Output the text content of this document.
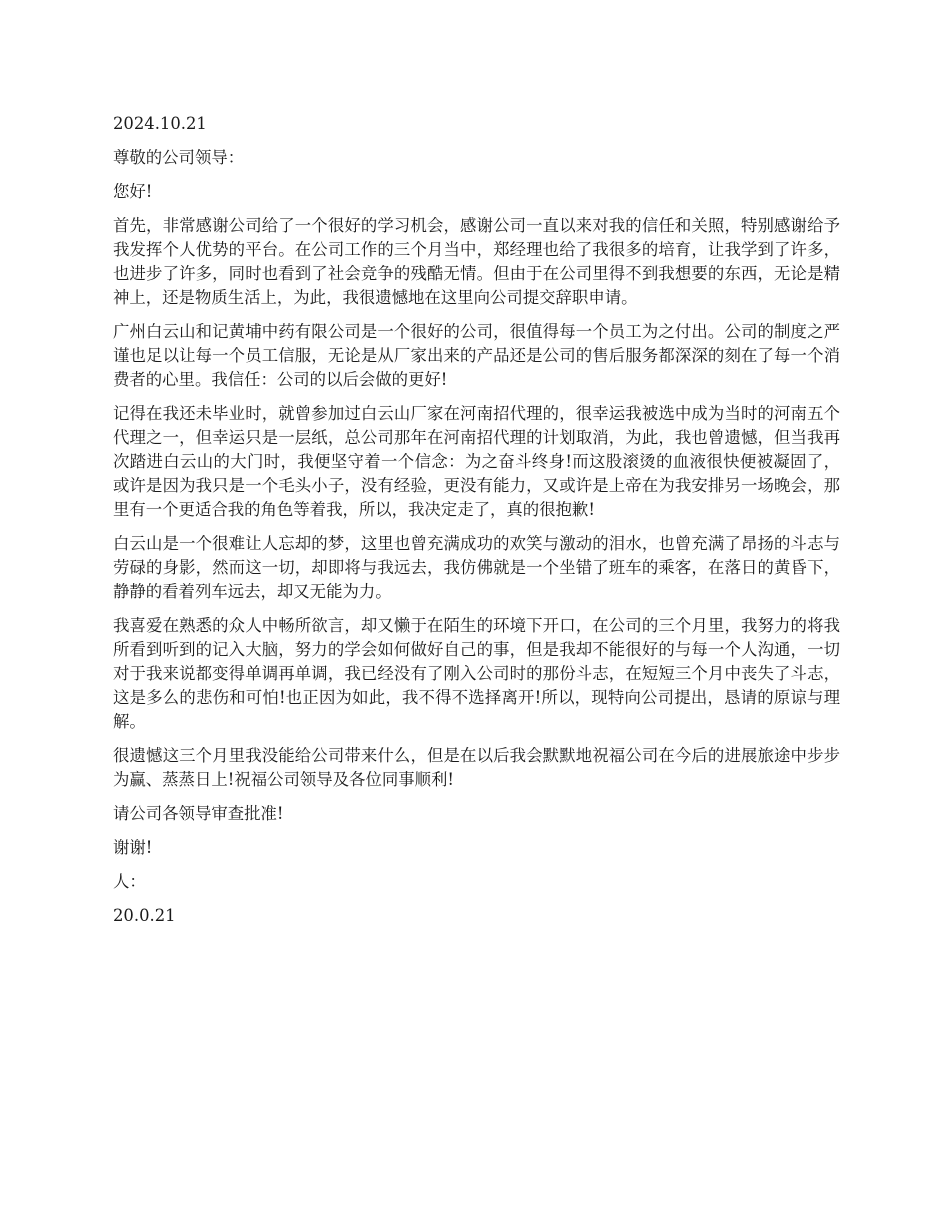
2024.10.21

尊敬的公司领导：

您好!

首先，非常感谢公司给了一个很好的学习机会，感谢公司一直以来对我的信任和关照，特别感谢给予我发挥个人优势的平台。在公司工作的三个月当中，郑经理也给了我很多的培育，让我学到了许多，也进步了许多，同时也看到了社会竞争的残酷无情。但由于在公司里得不到我想要的东西，无论是精神上，还是物质生活上，为此，我很遗憾地在这里向公司提交辞职申请。

广州白云山和记黄埔中药有限公司是一个很好的公司，很值得每一个员工为之付出。公司的制度之严谨也足以让每一个员工信服，无论是从厂家出来的产品还是公司的售后服务都深深的刻在了每一个消费者的心里。我信任：公司的以后会做的更好!

记得在我还未毕业时，就曾参加过白云山厂家在河南招代理的，很幸运我被选中成为当时的河南五个代理之一，但幸运只是一层纸，总公司那年在河南招代理的计划取消，为此，我也曾遗憾，但当我再次踏进白云山的大门时，我便坚守着一个信念：为之奋斗终身!而这股滚烫的血液很快便被凝固了，或许是因为我只是一个毛头小子，没有经验，更没有能力，又或许是上帝在为我安排另一场晚会，那里有一个更适合我的角色等着我，所以，我决定走了，真的很抱歉!

白云山是一个很难让人忘却的梦，这里也曾充满成功的欢笑与激动的泪水，也曾充满了昂扬的斗志与劳碌的身影，然而这一切，却即将与我远去，我仿佛就是一个坐错了班车的乘客，在落日的黄昏下，静静的看着列车远去，却又无能为力。

我喜爱在熟悉的众人中畅所欲言，却又懒于在陌生的环境下开口，在公司的三个月里，我努力的将我所看到听到的记入大脑，努力的学会如何做好自己的事，但是我却不能很好的与每一个人沟通，一切对于我来说都变得单调再单调，我已经没有了刚入公司时的那份斗志，在短短三个月中丧失了斗志，这是多么的悲伤和可怕!也正因为如此，我不得不选择离开!所以，现特向公司提出，恳请的原谅与理解。

很遗憾这三个月里我没能给公司带来什么，但是在以后我会默默地祝福公司在今后的进展旅途中步步为赢、蒸蒸日上!祝福公司领导及各位同事顺利!

请公司各领导审查批准!

谢谢!

人：

20.0.21
